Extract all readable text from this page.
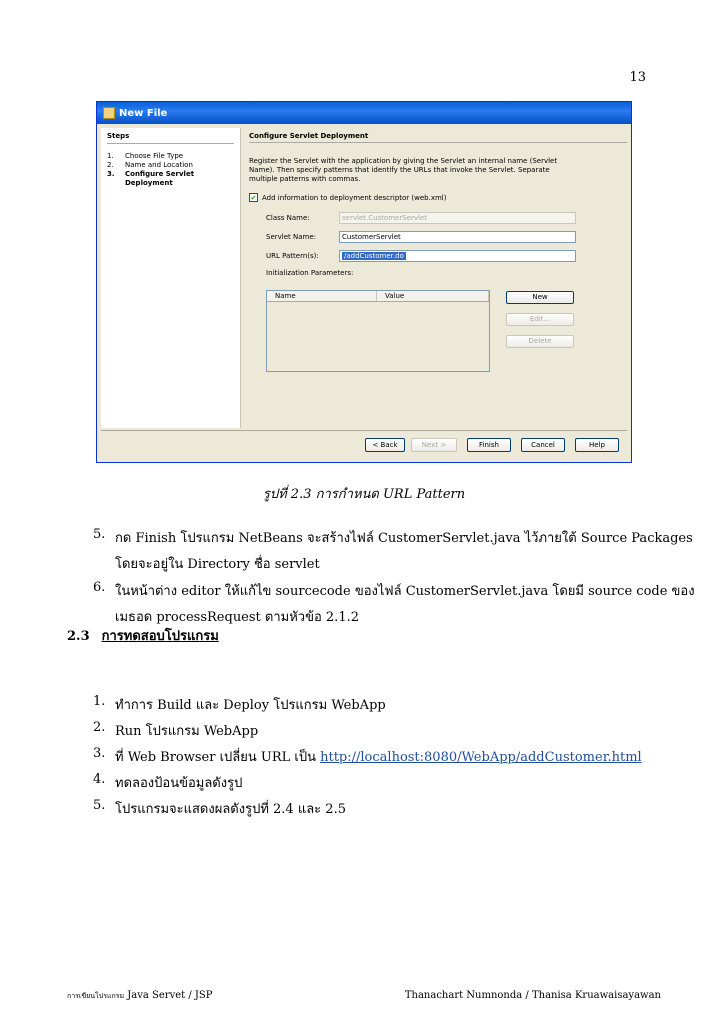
13
New File
Steps
1.	Choose File Type
2.	Name and Location
3.	Configure Servlet Deployment
Configure Servlet Deployment
Register the Servlet with the application by giving the Servlet an internal name (Servlet Name). Then specify patterns that identify the URLs that invoke the Servlet. Separate multiple patterns with commas.
✔ Add information to deployment descriptor (web.xml)
Class Name:	servlet.CustomerServlet
Servlet Name:	CustomerServlet
URL Pattern(s):	/addCustomer.do
Initialization Parameters:
Name	Value	New
Edit...
Delete
< Back	Next >	Finish	Cancel	Help
รูปที่ 2.3 การกำหนด URL Pattern
5. กด Finish โปรแกรม NetBeans จะสร้างไฟล์ CustomerServlet.java ไว้ภายใต้ Source Packages
โดยจะอยู่ใน Directory ชื่อ servlet
6. ในหน้าต่าง editor ให้แก้ไข sourcecode ของไฟล์ CustomerServlet.java โดยมี source code ของ
เมธอด processRequest ตามหัวข้อ 2.1.2
2.3 การทดสอบโปรแกรม
1. ทำการ Build และ Deploy โปรแกรม WebApp
2. Run โปรแกรม WebApp
3. ที่ Web Browser เปลี่ยน URL เป็น http://localhost:8080/WebApp/addCustomer.html
4. ทดลองป้อนข้อมูลดังรูป
5. โปรแกรมจะแสดงผลดังรูปที่ 2.4 และ 2.5
การเขียนโปรแกรม Java Servet / JSP	Thanachart Numnonda / Thanisa Kruawaisayawan
